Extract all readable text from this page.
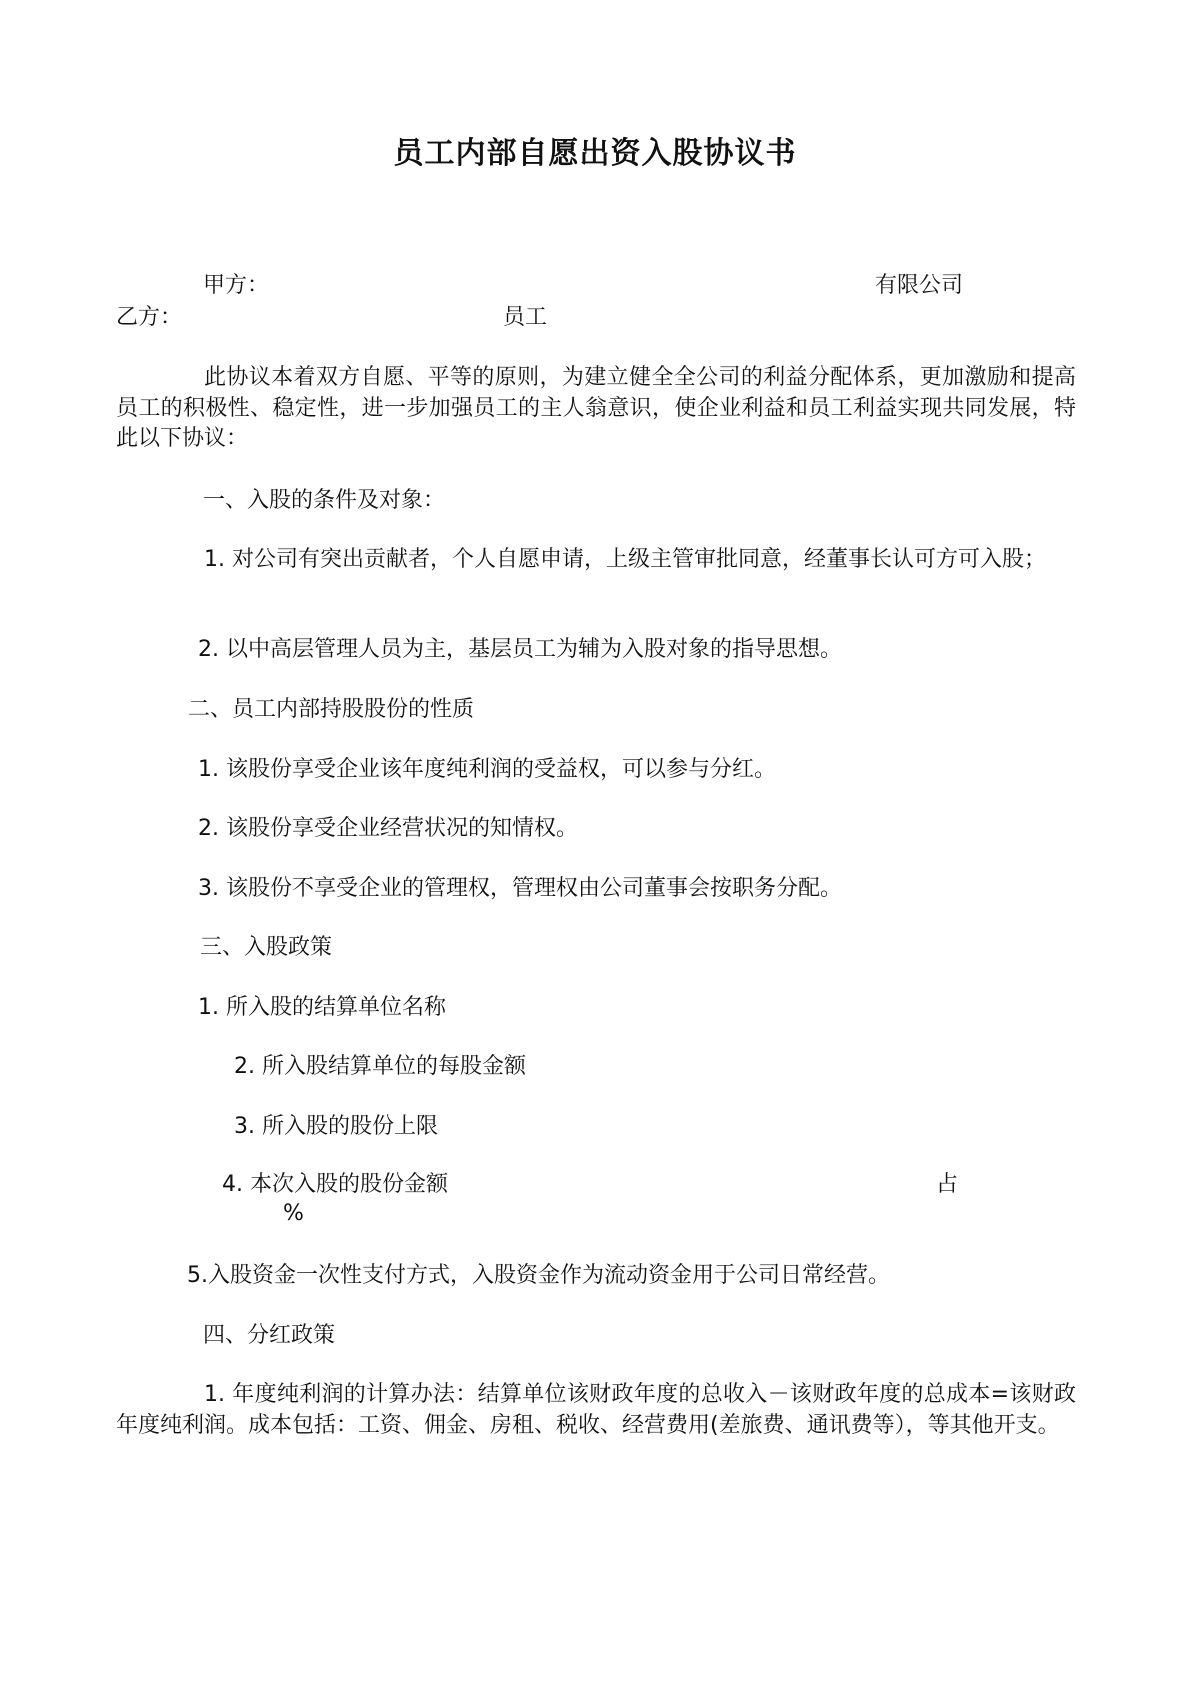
员工内部自愿出资入股协议书
甲方：	有限公司
乙方：	员工
此协议本着双方自愿、平等的原则，为建立健全全公司的利益分配体系，更加激励和提高员工的积极性、稳定性，进一步加强员工的主人翁意识，使企业利益和员工利益实现共同发展，特此以下协议：
一、入股的条件及对象：
1. 对公司有突出贡献者，个人自愿申请，上级主管审批同意，经董事长认可方可入股；
2. 以中高层管理人员为主，基层员工为辅为入股对象的指导思想。
二、员工内部持股股份的性质
1. 该股份享受企业该年度纯利润的受益权，可以参与分红。
2. 该股份享受企业经营状况的知情权。
3. 该股份不享受企业的管理权，管理权由公司董事会按职务分配。
三、入股政策
1. 所入股的结算单位名称
2. 所入股结算单位的每股金额
3. 所入股的股份上限
4. 本次入股的股份金额	占
%
5.入股资金一次性支付方式，入股资金作为流动资金用于公司日常经营。
四、分红政策
1. 年度纯利润的计算办法：结算单位该财政年度的总收入－该财政年度的总成本=该财政年度纯利润。成本包括：工资、佣金、房租、税收、经营费用(差旅费、通讯费等），等其他开支。
